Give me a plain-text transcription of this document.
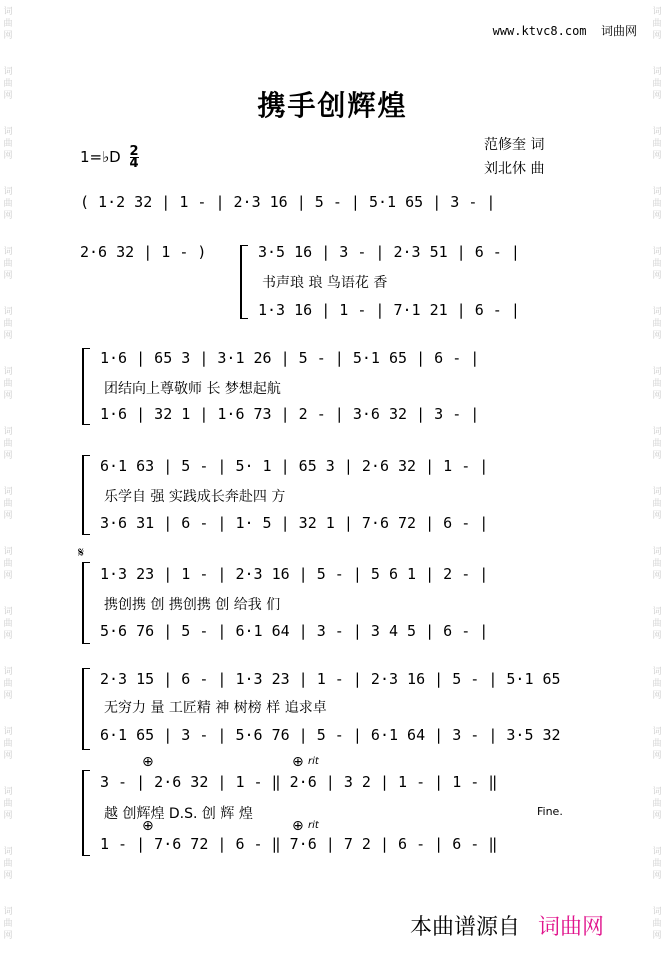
词
曲
网

词
曲
网

词
曲
网

词
曲
网

词
曲
网

词
曲
网

词
曲
网

词
曲
网

词
曲
网

词
曲
网

词
曲
网

词
曲
网

词
曲
网

词
曲
网

词
曲
网

词
曲
网

词
曲
网

词
曲
网

词
曲
网

词
曲
网

词
曲
网

词
曲
网

词
曲
网

词
曲
网

词
曲
网

词
曲
网

词
曲
网

词
曲
网

词
曲
网

词
曲
网

词
曲
网

词
曲
网

www.ktvc8.com 词曲网
携手创辉煌
1=♭D $\frac{2}{4}$
范修奎 词
刘北休 曲
( 1·2 32 | 1 - | 2·3 16 | 5 - | 5·1 65 | 3 - |
2·6 32 | 1 - )	3·5 16 | 3 - | 2·3 51 | 6 - |
书声琅 琅 鸟语花 香
1·3 16 | 1 - | 7·1 21 | 6 - |
1·6 | 65 3 | 3·1 26 | 5 - | 5·1 65 | 6 - |
团结向上尊敬师 长 梦想起航
1·6 | 32 1 | 1·6 73 | 2 - | 3·6 32 | 3 - |
6·1 63 | 5 - | 5· 1 | 65 3 | 2·6 32 | 1 - |
乐学自 强 实践成长奔赴四 方
3·6 31 | 6 - | 1· 5 | 32 1 | 7·6 72 | 6 - |
𝄋
1·3 23 | 1 - | 2·3 16 | 5 - | 5 6 1 | 2 - |
携创携 创 携创携 创 给我 们
5·6 76 | 5 - | 6·1 64 | 3 - | 3 4 5 | 6 - |
2·3 15 | 6 - | 1·3 23 | 1 - | 2·3 16 | 5 - | 5·1 65
无穷力 量 工匠精 神 树榜 样 追求卓
6·1 65 | 3 - | 5·6 76 | 5 - | 6·1 64 | 3 - | 3·5 32
⊕	⊕ rit
3 - | 2·6 32 | 1 - ‖ 2·6 | 3 2 | 1 - | 1 - ‖
越 创辉煌 D.S. 创 辉 煌	Fine.
⊕	⊕ rit
1 - | 7·6 72 | 6 - ‖ 7·6 | 7 2 | 6 - | 6 - ‖
本曲谱源自 词曲网
